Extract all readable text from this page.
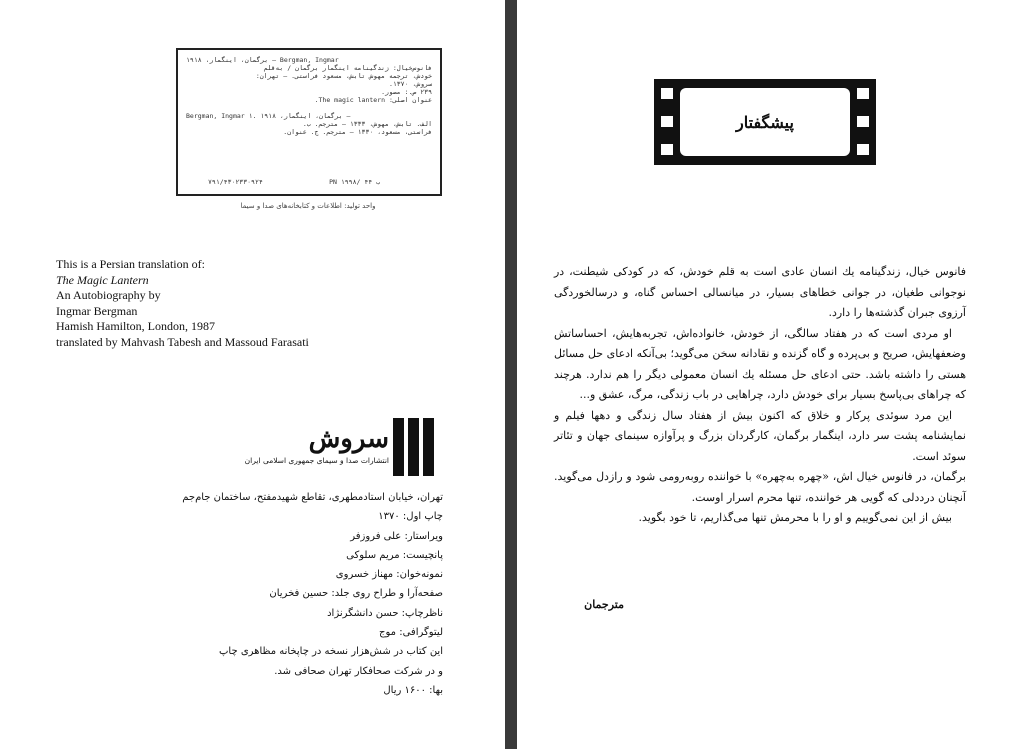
برگمان، اینگمار، ۱۹۱۸ – Bergman, Ingmar
فانوس‌خیال: زندگینامه اینگمار برگمان / به‌قلم
خودش، ترجمه مهوش تابش، مسعود فراستی. – تهران:
سروش، ۱۳۷۰.
۲۳۹ ص.: مصور.
عنوان اصلی: The magic lantern.
Bergman, Ingmar ۱. برگمان، اینگمار، ۱۹۱۸ –
الف. تابش، مهوش، ۱۳۳۳ – مترجم. ب.
فراستی، مسعود، ۱۳۳۰ – مترجم. ج. عنوان.
۷۹۱/۴۳۰۲۳۳۰۹۲۴	PN ۱۹۹۸/ ۴ب ۴
واحد تولید: اطلاعات و کتابخانه‌های صدا و سیما
This is a Persian translation of:
The Magic Lantern
An Autobiography by
Ingmar Bergman
Hamish Hamilton, London, 1987
translated by Mahvash Tabesh and Massoud Farasati
سروش
انتشارات صدا و سیمای جمهوری اسلامی ایران
تهران، خیابان استادمطهری، تقاطع شهیدمفتح، ساختمان جام‌جم
چاپ اول: ۱۳۷۰
ویراستار: علی فروزفر
پانچیست: مریم سلوکی
نمونه‌خوان: مهناز خسروی
صفحه‌آرا و طراح روی جلد: حسین فخریان
ناظرچاپ: حسن دانشگرنژاد
لیتوگرافی: موج
این کتاب در شش‌هزار نسخه در چاپخانه مظاهری چاپ
و در شرکت صحافکار تهران صحافی شد.
بها: ۱۶۰۰ ریال
پیشگفتار

فانوس خیال، زندگینامه یك انسان عادی است به قلم خودش، که در کودکی شیطنت، در نوجوانی طغیان، در جوانی خطاهای بسیار، در میانسالی احساس گناه، و درسالخوردگی آرزوی جبران گذشته‌ها را دارد.

او مردی است که در هفتاد سالگی، از خودش، خانواده‌اش، تجربه‌هایش، احساساتش وضعفهایش، صریح و بی‌پرده و گاه گزنده و نقادانه سخن می‌گوید؛ بی‌آنکه ادعای حل مسائل هستی را داشته باشد. حتی ادعای حل مسئله یك انسان معمولی دیگر را هم ندارد. هرچند که چراهای بی‌پاسخ بسیار برای خودش دارد، چراهایی در باب زندگی، مرگ، عشق و...

این مرد سوئدی پرکار و خلاق که اکنون بیش از هفتاد سال زندگی و دهها فیلم و نمایشنامه پشت سر دارد، اینگمار برگمان، کارگردان بزرگ و پرآوازه سینمای جهان و تئاتر سوئد است.

برگمان، در فانوس خیال اش، «چهره به‌چهره» با خواننده روبه‌رومی شود و رازدل می‌گوید. آنچنان درددلی که گویی هر خواننده، تنها محرم اسرار اوست.

بیش از این نمی‌گوییم و او را با محرمش تنها می‌گذاریم، تا خود بگوید.

مترجمان
